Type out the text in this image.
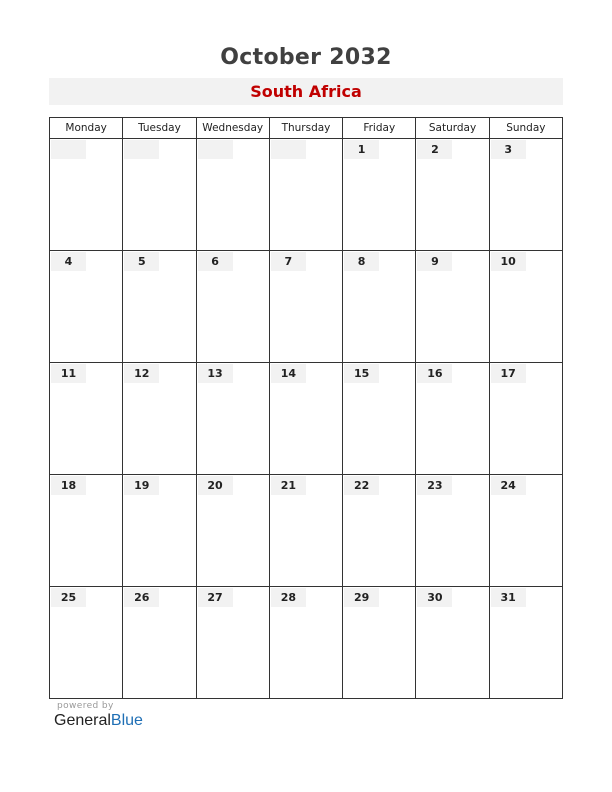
October 2032
South Africa
Monday	Tuesday	Wednesday	Thursday	Friday	Saturday	Sunday

				1	2	3

4	5	6	7	8	9	10

11	12	13	14	15	16	17

18	19	20	21	22	23	24

25	26	27	28	29	30	31
powered by
GeneralBlue
